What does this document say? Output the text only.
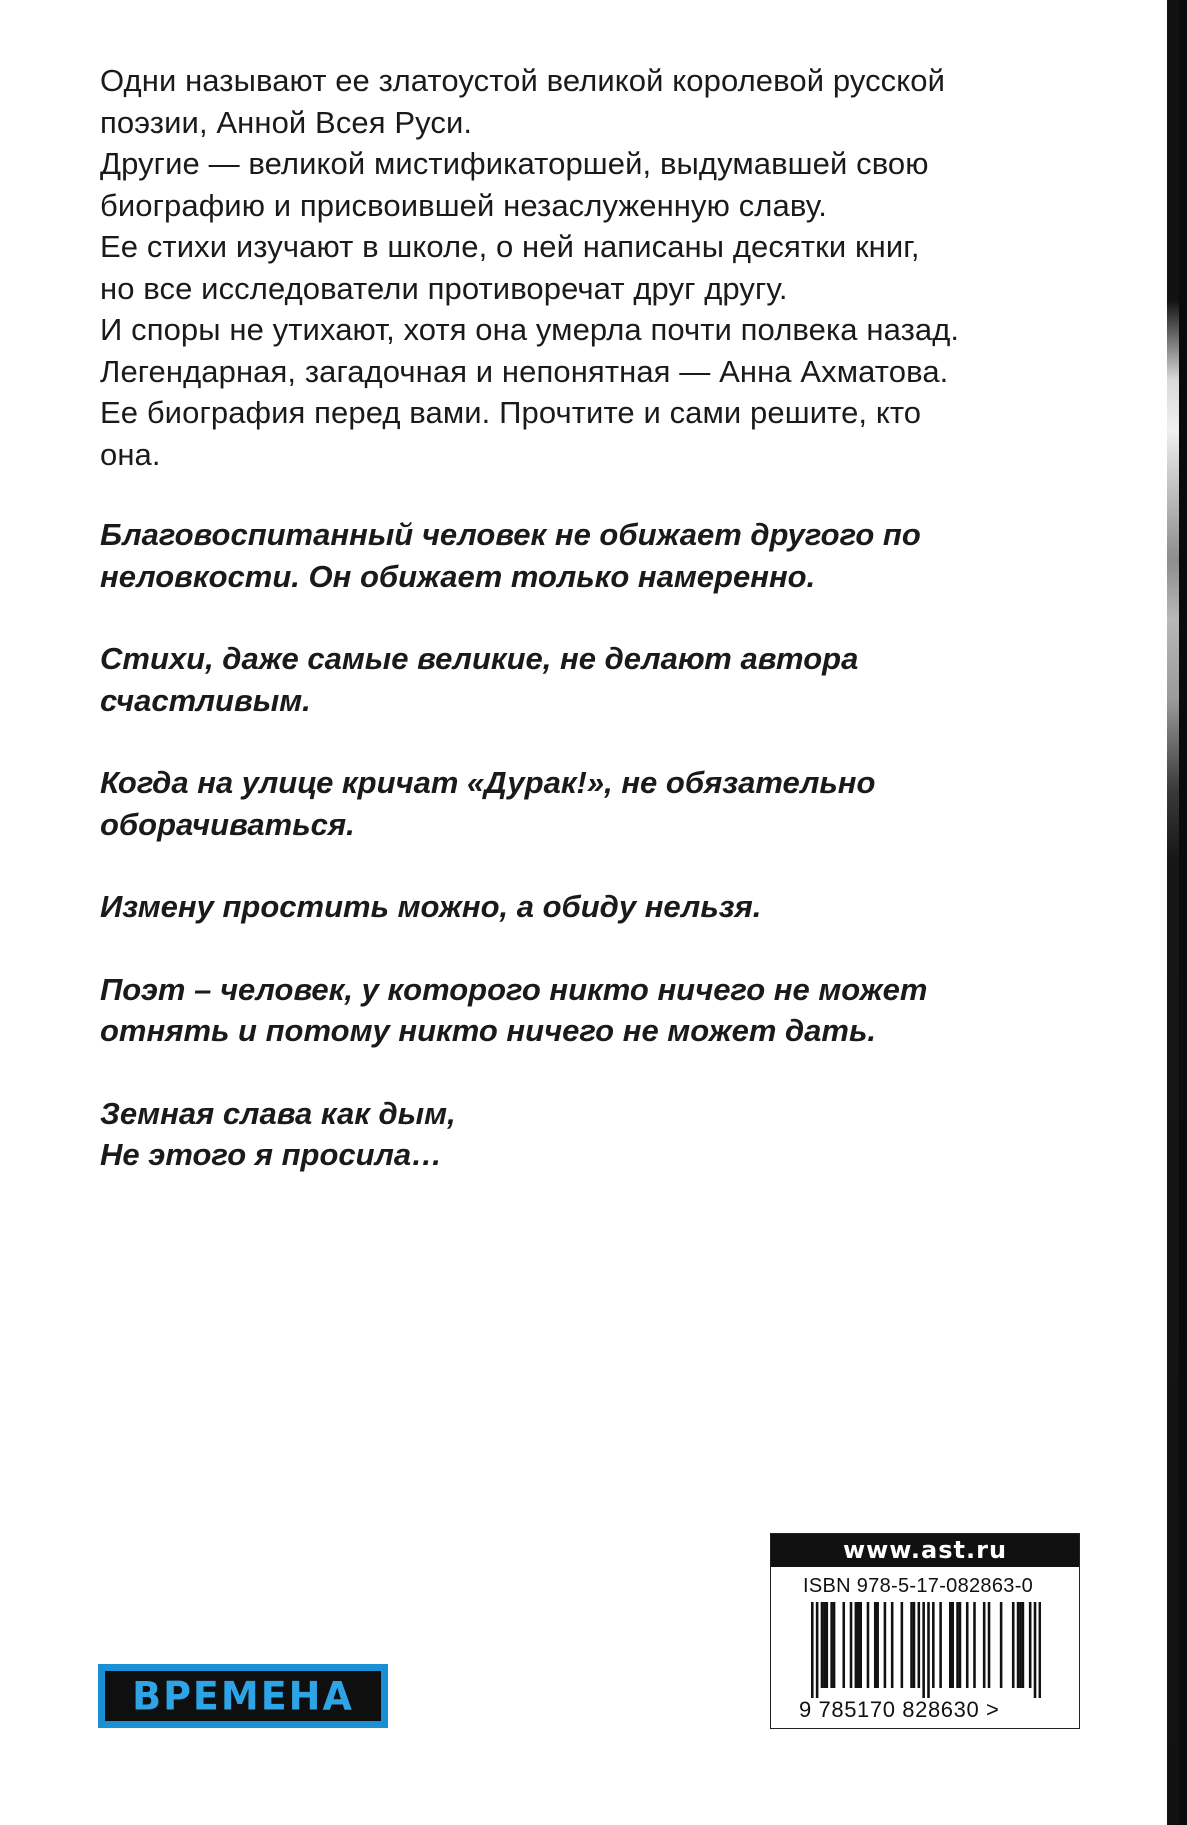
Одни называют ее златоустой великой королевой русской

поэзии, Анной Всея Руси.

Другие — великой мистификаторшей, выдумавшей свою

биографию и присвоившей незаслуженную славу.

Ее стихи изучают в школе, о ней написаны десятки книг,

но все исследователи противоречат друг другу.

И споры не утихают, хотя она умерла почти полвека назад.

Легендарная, загадочная и непонятная — Анна Ахматова.

Ее биография перед вами. Прочтите и сами решите, кто

она.

Благовоспитанный человек не обижает другого по
неловкости. Он обижает только намеренно.
Стихи, даже самые великие, не делают автора
счастливым.
Когда на улице кричат «Дурак!», не обязательно
оборачиваться.
Измену простить можно, а обиду нельзя.
Поэт – человек, у которого никто ничего не может
отнять и потому никто ничего не может дать.
Земная слава как дым,
Не этого я просила…
ВРЕМЕНА
www.ast.ru
ISBN 978-5-17-082863-0
9 785170 828630 >
